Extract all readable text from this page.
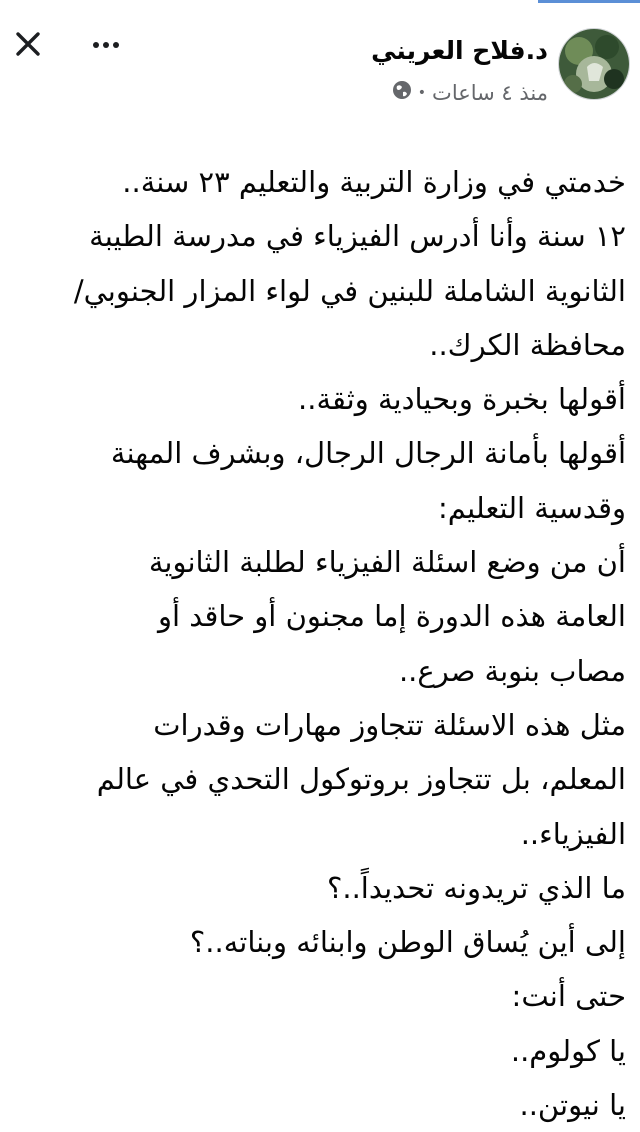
د.فلاح العريني
منذ ٤ ساعات
•
خدمتي في وزارة التربية والتعليم ٢٣ سنة..
١٢ سنة وأنا أدرس الفيزياء في مدرسة الطيبة
الثانوية الشاملة للبنين في لواء المزار الجنوبي/
محافظة الكرك..
أقولها بخبرة وبحيادية وثقة..
أقولها بأمانة الرجال الرجال، وبشرف المهنة
وقدسية التعليم:
أن من وضع اسئلة الفيزياء لطلبة الثانوية
العامة هذه الدورة إما مجنون أو حاقد أو
مصاب بنوبة صرع..
مثل هذه الاسئلة تتجاوز مهارات وقدرات
المعلم، بل تتجاوز بروتوكول التحدي في عالم
الفيزياء..
ما الذي تريدونه تحديداً..؟
إلى أين يُساق الوطن وابنائه وبناته..؟
حتى أنت:
يا كولوم..
يا نيوتن..
